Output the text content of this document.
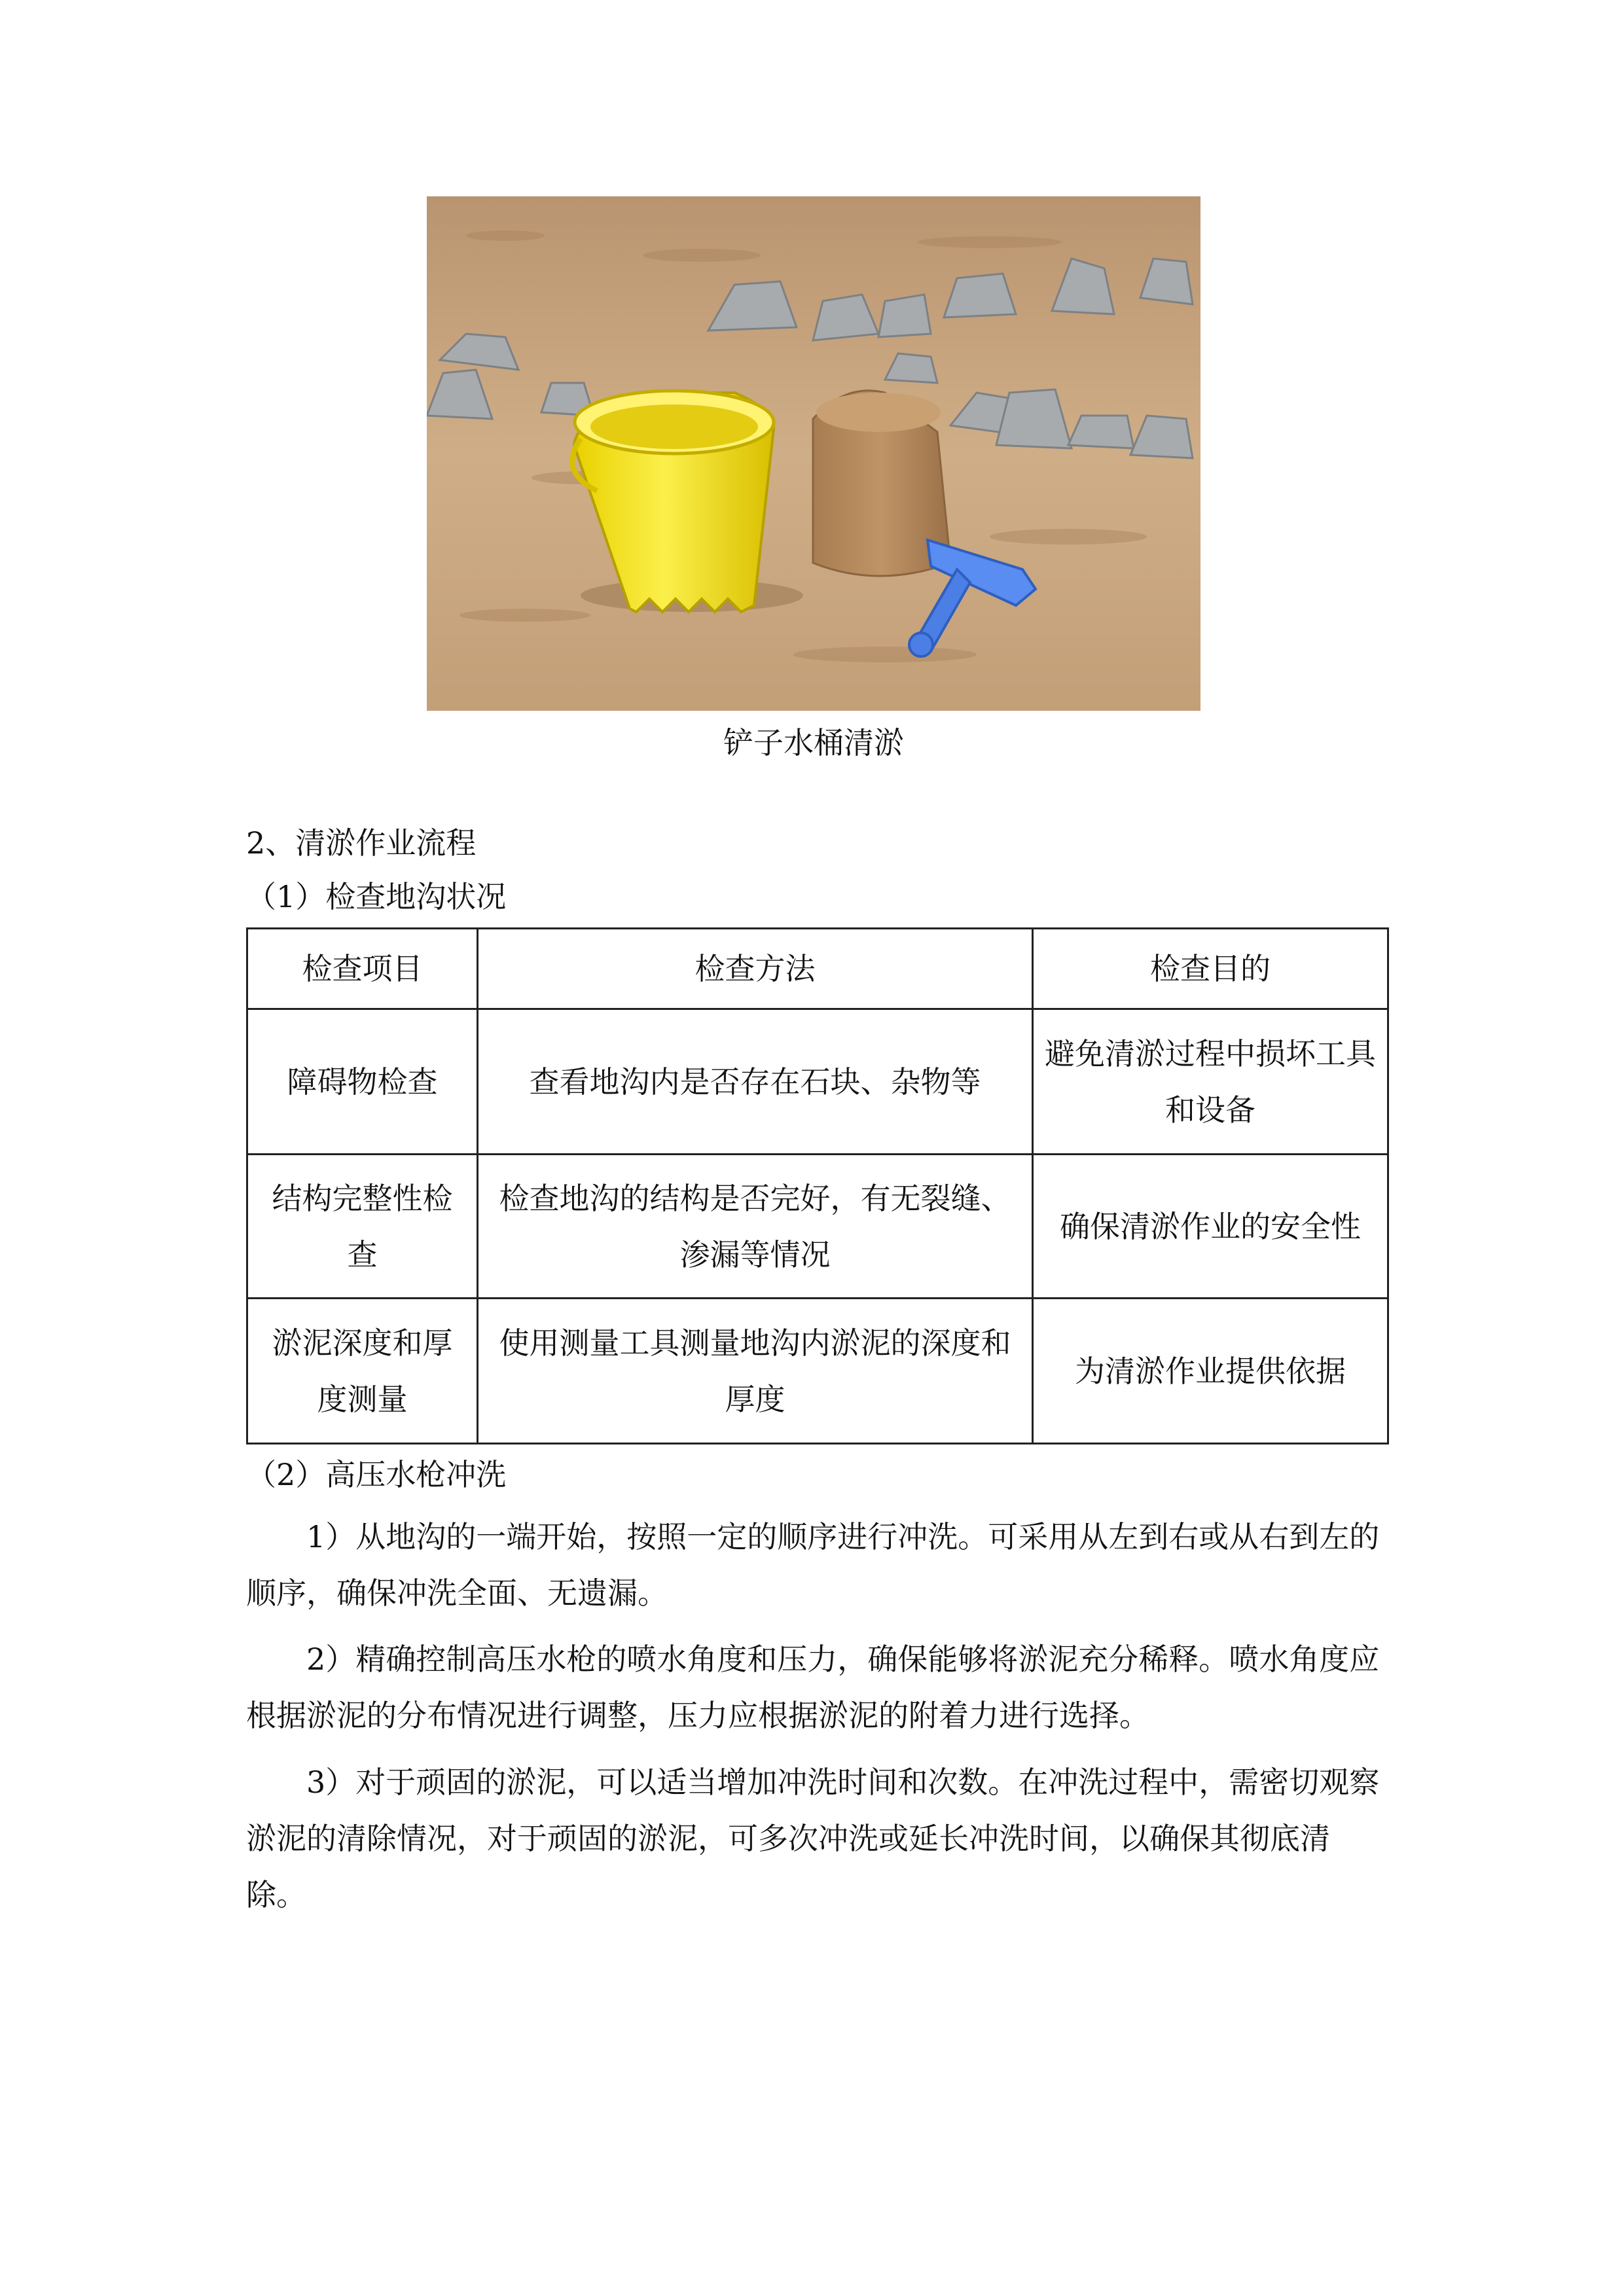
铲子水桶清淤

2、清淤作业流程

（1）检查地沟状况

检查项目	检查方法	检查目的
障碍物检查	查看地沟内是否存在石块、杂物等	避免清淤过程中损坏工具和设备
结构完整性检查	检查地沟的结构是否完好，有无裂缝、渗漏等情况	确保清淤作业的安全性
淤泥深度和厚度测量	使用测量工具测量地沟内淤泥的深度和厚度	为清淤作业提供依据

（2）高压水枪冲洗

1）从地沟的一端开始，按照一定的顺序进行冲洗。可采用从左到右或从右到左的顺序，确保冲洗全面、无遗漏。

2）精确控制高压水枪的喷水角度和压力，确保能够将淤泥充分稀释。喷水角度应根据淤泥的分布情况进行调整，压力应根据淤泥的附着力进行选择。

3）对于顽固的淤泥，可以适当增加冲洗时间和次数。在冲洗过程中，需密切观察淤泥的清除情况，对于顽固的淤泥，可多次冲洗或延长冲洗时间，以确保其彻底清除。
